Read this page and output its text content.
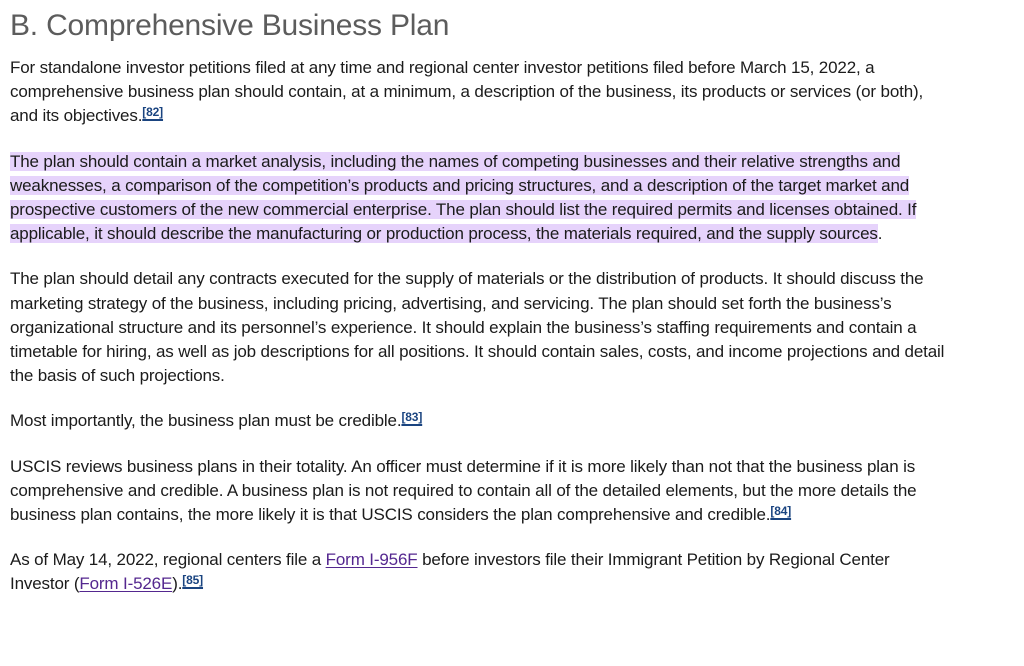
B. Comprehensive Business Plan

For standalone investor petitions filed at any time and regional center investor petitions filed before March 15, 2022, a comprehensive business plan should contain, at a minimum, a description of the business, its products or services (or both), and its objectives.[82]

The plan should contain a market analysis, including the names of competing businesses and their relative strengths and weaknesses, a comparison of the competition’s products and pricing structures, and a description of the target market and prospective customers of the new commercial enterprise. The plan should list the required permits and licenses obtained. If applicable, it should describe the manufacturing or production process, the materials required, and the supply sources.

The plan should detail any contracts executed for the supply of materials or the distribution of products. It should discuss the marketing strategy of the business, including pricing, advertising, and servicing. The plan should set forth the business’s organizational structure and its personnel’s experience. It should explain the business’s staffing requirements and contain a timetable for hiring, as well as job descriptions for all positions. It should contain sales, costs, and income projections and detail the basis of such projections.

Most importantly, the business plan must be credible.[83]

USCIS reviews business plans in their totality. An officer must determine if it is more likely than not that the business plan is comprehensive and credible. A business plan is not required to contain all of the detailed elements, but the more details the business plan contains, the more likely it is that USCIS considers the plan comprehensive and credible.[84]

As of May 14, 2022, regional centers file a Form I-956F before investors file their Immigrant Petition by Regional Center Investor (Form I-526E).[85]
